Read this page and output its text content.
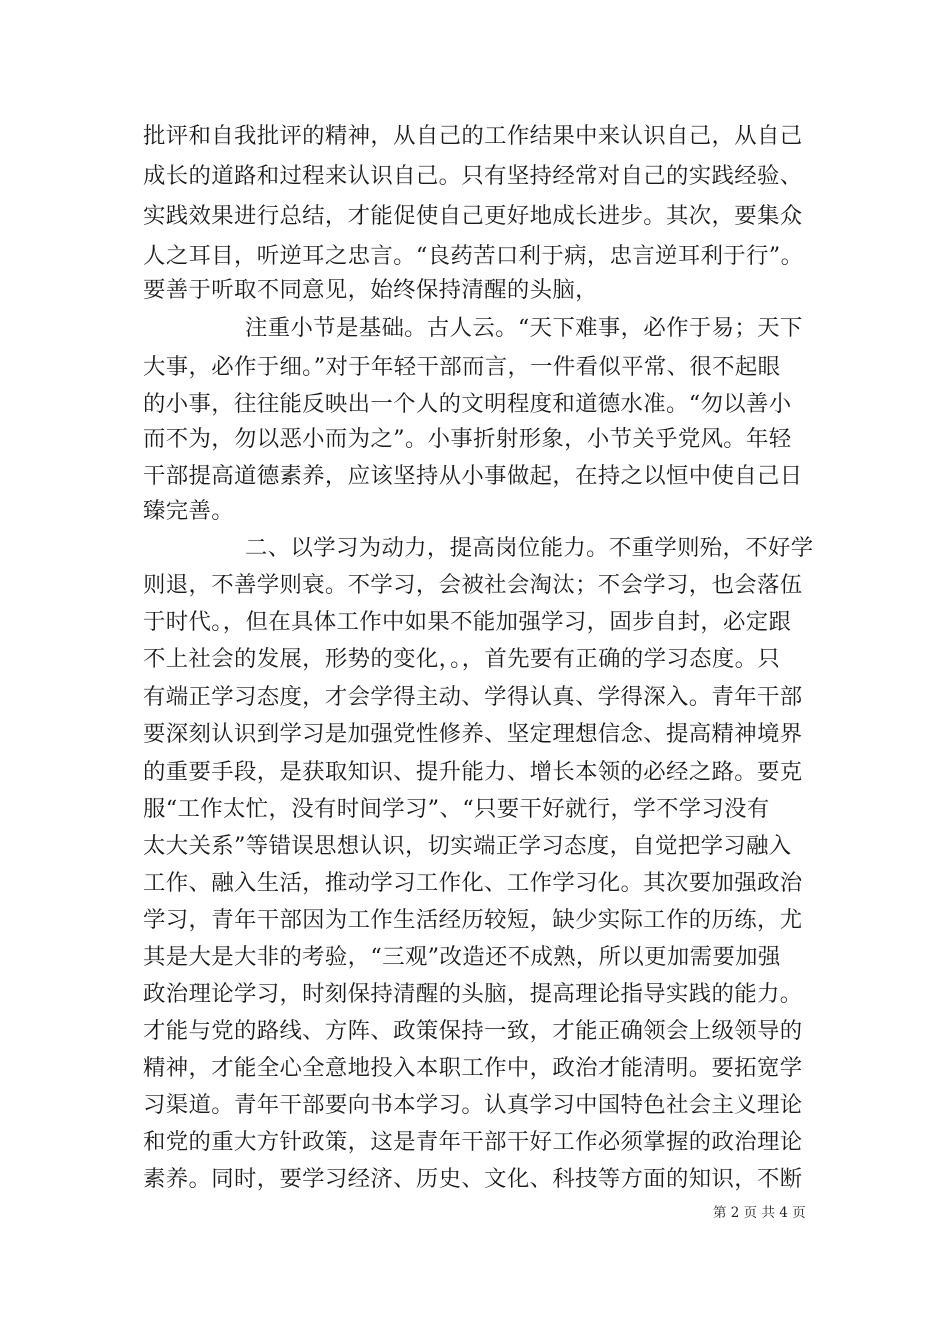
批评和自我批评的精神，从自己的工作结果中来认识自己，从自己
成长的道路和过程来认识自己。只有坚持经常对自己的实践经验、
实践效果进行总结，才能促使自己更好地成长进步。其次，要集众
人之耳目，听逆耳之忠言。“良药苦口利于病，忠言逆耳利于行”。
要善于听取不同意见，始终保持清醒的头脑，
注重小节是基础。古人云。“天下难事，必作于易；天下
大事，必作于细。”对于年轻干部而言，一件看似平常、很不起眼
的小事，往往能反映出一个人的文明程度和道德水准。“勿以善小
而不为，勿以恶小而为之”。小事折射形象，小节关乎党风。年轻
干部提高道德素养，应该坚持从小事做起，在持之以恒中使自己日
臻完善。
二、以学习为动力，提高岗位能力。不重学则殆，不好学
则退，不善学则衰。不学习，会被社会淘汰；不会学习，也会落伍
于时代。，但在具体工作中如果不能加强学习，固步自封，必定跟
不上社会的发展，形势的变化，。，首先要有正确的学习态度。只
有端正学习态度，才会学得主动、学得认真、学得深入。青年干部
要深刻认识到学习是加强党性修养、坚定理想信念、提高精神境界
的重要手段，是获取知识、提升能力、增长本领的必经之路。要克
服“工作太忙，没有时间学习”、“只要干好就行，学不学习没有
太大关系”等错误思想认识，切实端正学习态度，自觉把学习融入
工作、融入生活，推动学习工作化、工作学习化。其次要加强政治
学习，青年干部因为工作生活经历较短，缺少实际工作的历练，尤
其是大是大非的考验，“三观”改造还不成熟，所以更加需要加强
政治理论学习，时刻保持清醒的头脑，提高理论指导实践的能力。
才能与党的路线、方阵、政策保持一致，才能正确领会上级领导的
精神，才能全心全意地投入本职工作中，政治才能清明。要拓宽学
习渠道。青年干部要向书本学习。认真学习中国特色社会主义理论
和党的重大方针政策，这是青年干部干好工作必须掌握的政治理论
素养。同时，要学习经济、历史、文化、科技等方面的知识，不断
第 2 页 共 4 页
